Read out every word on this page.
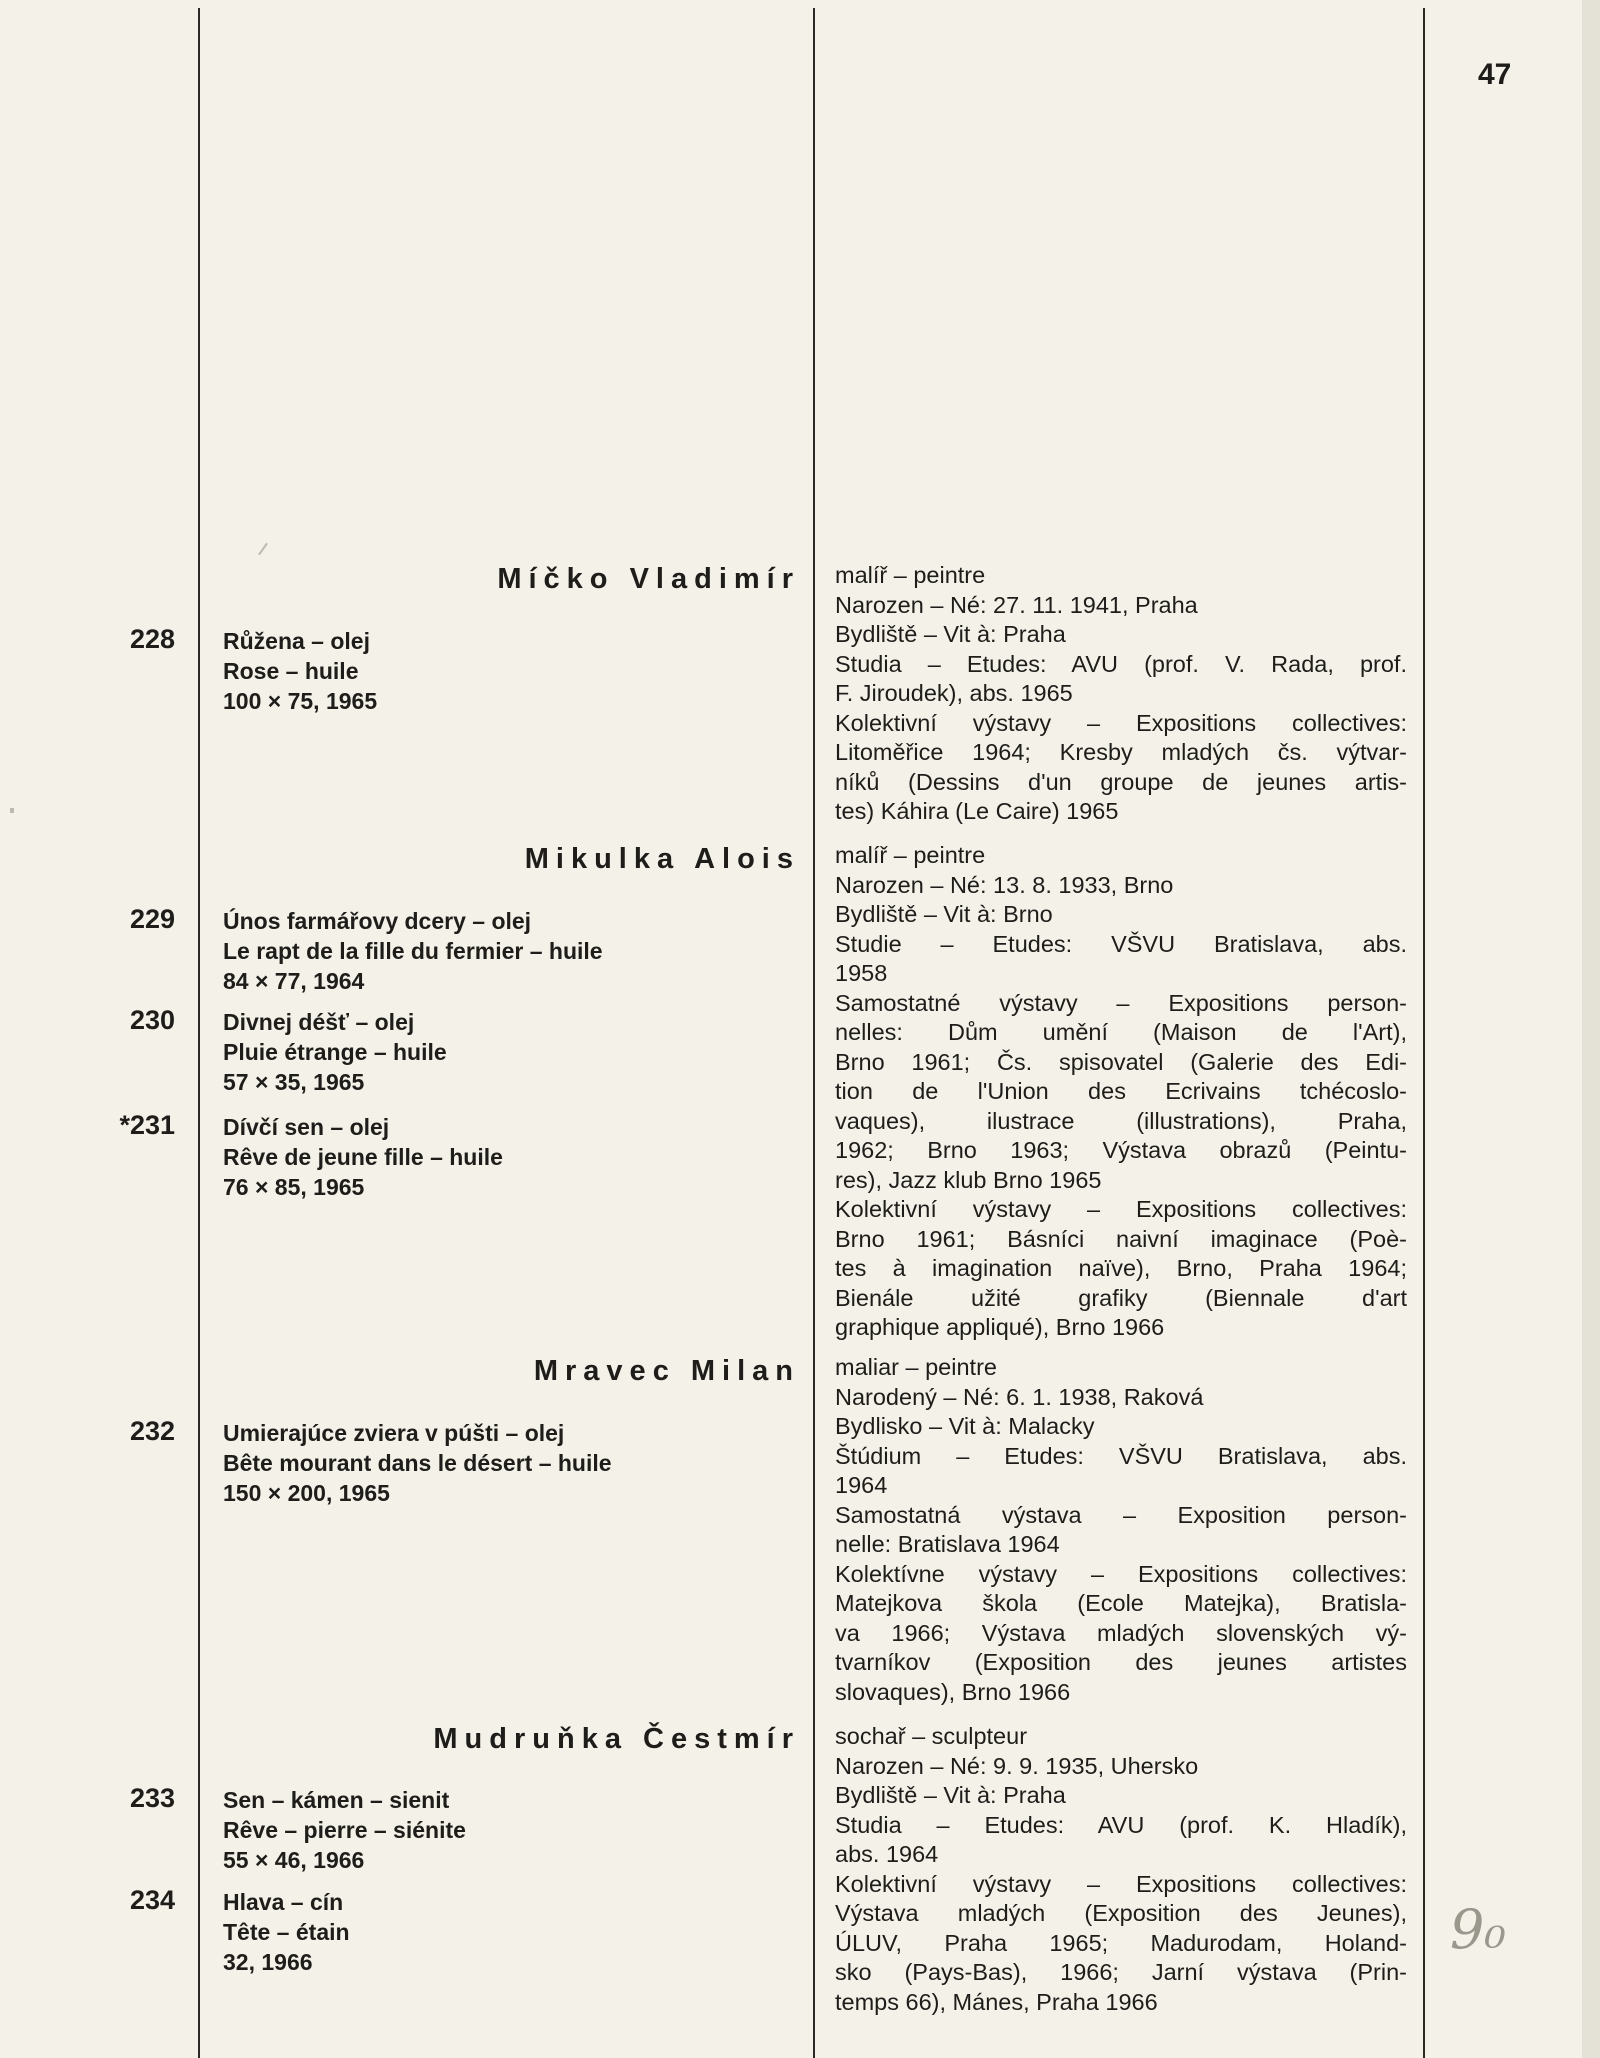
47
Míčko Vladimír
228 Růžena – olej
Rose – huile
100 × 75, 1965
malíř – peintre
Narozen – Né: 27. 11. 1941, Praha
Bydliště – Vit à: Praha
Studia – Etudes: AVU (prof. V. Rada, prof.
F. Jiroudek), abs. 1965
Kolektivní výstavy – Expositions collectives:
Litoměřice 1964; Kresby mladých čs. výtvar-
níků (Dessins d'un groupe de jeunes artis-
tes) Káhira (Le Caire) 1965
Mikulka Alois
229 Únos farmářovy dcery – olej
Le rapt de la fille du fermier – huile
84 × 77, 1964
230 Divnej déšť – olej
Pluie étrange – huile
57 × 35, 1965
*231 Dívčí sen – olej
Rêve de jeune fille – huile
76 × 85, 1965
malíř – peintre
Narozen – Né: 13. 8. 1933, Brno
Bydliště – Vit à: Brno
Studie – Etudes: VŠVU Bratislava, abs.
1958
Samostatné výstavy – Expositions person-
nelles: Dům umění (Maison de l'Art),
Brno 1961; Čs. spisovatel (Galerie des Edi-
tion de l'Union des Ecrivains tchécoslo-
vaques), ilustrace (illustrations), Praha,
1962; Brno 1963; Výstava obrazů (Peintu-
res), Jazz klub Brno 1965
Kolektivní výstavy – Expositions collectives:
Brno 1961; Básníci naivní imaginace (Poè-
tes à imagination naïve), Brno, Praha 1964;
Bienále užité grafiky (Biennale d'art
graphique appliqué), Brno 1966
Mravec Milan
232 Umierajúce zviera v púšti – olej
Bête mourant dans le désert – huile
150 × 200, 1965
maliar – peintre
Narodený – Né: 6. 1. 1938, Raková
Bydlisko – Vit à: Malacky
Štúdium – Etudes: VŠVU Bratislava, abs.
1964
Samostatná výstava – Exposition person-
nelle: Bratislava 1964
Kolektívne výstavy – Expositions collectives:
Matejkova škola (Ecole Matejka), Bratisla-
va 1966; Výstava mladých slovenských vý-
tvarníkov (Exposition des jeunes artistes
slovaques), Brno 1966
Mudruňka Čestmír
233 Sen – kámen – sienit
Rêve – pierre – siénite
55 × 46, 1966
234 Hlava – cín
Tête – étain
32, 1966
sochař – sculpteur
Narozen – Né: 9. 9. 1935, Uhersko
Bydliště – Vit à: Praha
Studia – Etudes: AVU (prof. K. Hladík),
abs. 1964
Kolektivní výstavy – Expositions collectives:
Výstava mladých (Exposition des Jeunes),
ÚLUV, Praha 1965; Madurodam, Holand-
sko (Pays-Bas), 1966; Jarní výstava (Prin-
temps 66), Mánes, Praha 1966
9₀
